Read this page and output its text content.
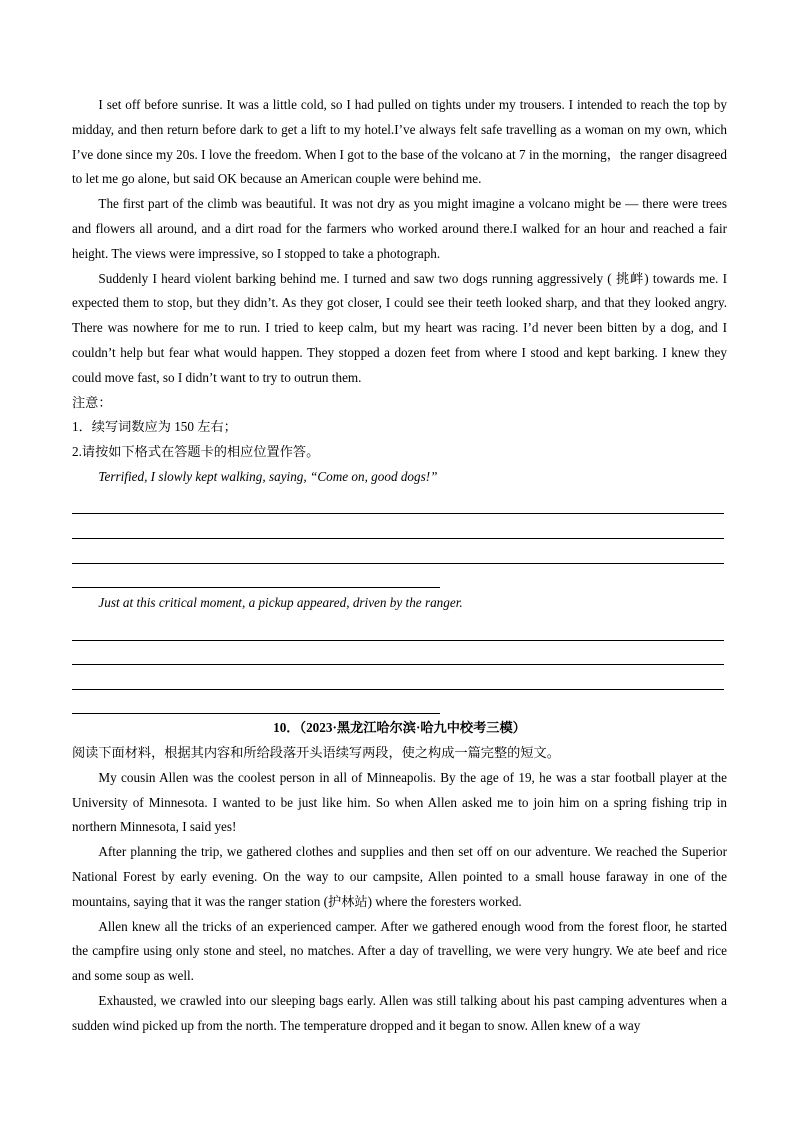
I set off before sunrise. It was a little cold, so I had pulled on tights under my trousers. I intended to reach the top by midday, and then return before dark to get a lift to my hotel.I’ve always felt safe travelling as a woman on my own, which I’ve done since my 20s. I love the freedom. When I got to the base of the volcano at 7 in the morning，the ranger disagreed to let me go alone, but said OK because an American couple were behind me.

The first part of the climb was beautiful. It was not dry as you might imagine a volcano might be — there were trees and flowers all around, and a dirt road for the farmers who worked around there.I walked for an hour and reached a fair height. The views were impressive, so I stopped to take a photograph.

Suddenly I heard violent barking behind me. I turned and saw two dogs running aggressively ( 挑衅) towards me. I expected them to stop, but they didn’t. As they got closer, I could see their teeth looked sharp, and that they looked angry. There was nowhere for me to run. I tried to keep calm, but my heart was racing. I’d never been bitten by a dog, and I couldn’t help but fear what would happen. They stopped a dozen feet from where I stood and kept barking. I knew they could move fast, so I didn’t want to try to outrun them.

注意：

1．续写词数应为 150 左右；

2.请按如下格式在答题卡的相应位置作答。

Terrified, I slowly kept walking, saying, “Come on, good dogs!”

Just at this critical moment, a pickup appeared, driven by the ranger.

10．（2023·黑龙江哈尔滨·哈九中校考三模）

阅读下面材料，根据其内容和所给段落开头语续写两段，使之构成一篇完整的短文。

My cousin Allen was the coolest person in all of Minneapolis. By the age of 19, he was a star football player at the University of Minnesota. I wanted to be just like him. So when Allen asked me to join him on a spring fishing trip in northern Minnesota, I said yes!

After planning the trip, we gathered clothes and supplies and then set off on our adventure. We reached the Superior National Forest by early evening. On the way to our campsite, Allen pointed to a small house faraway in one of the mountains, saying that it was the ranger station (护林站) where the foresters worked.

Allen knew all the tricks of an experienced camper. After we gathered enough wood from the forest floor, he started the campfire using only stone and steel, no matches. After a day of travelling, we were very hungry. We ate beef and rice and some soup as well.

Exhausted, we crawled into our sleeping bags early. Allen was still talking about his past camping adventures when a sudden wind picked up from the north. The temperature dropped and it began to snow. Allen knew of a way
